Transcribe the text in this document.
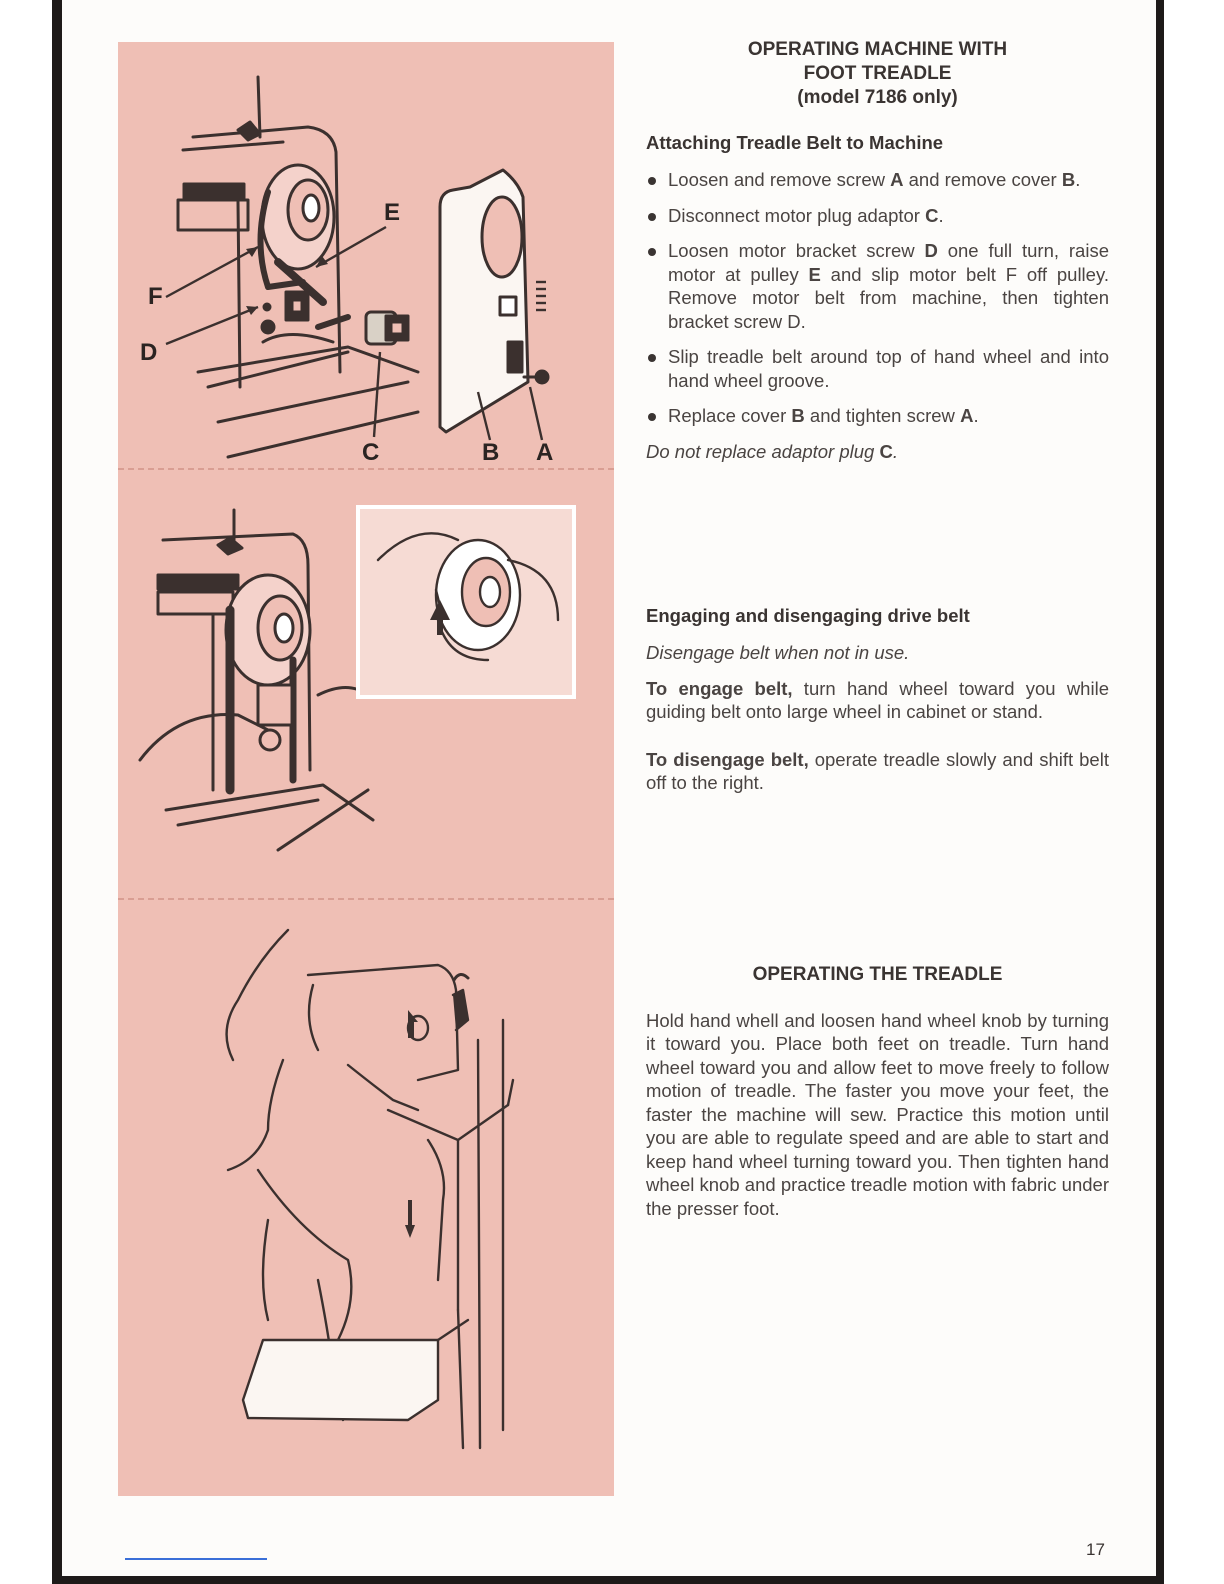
F
D
E
C	B A
OPERATING MACHINE WITH
FOOT TREADLE
(model 7186 only)

Attaching Treadle Belt to Machine

Loosen and remove screw A and remove cover B.
Disconnect motor plug adaptor C.
Loosen motor bracket screw D one full turn, raise motor at pulley E and slip motor belt F off pulley. Remove motor belt from machine, then tighten bracket screw D.
Slip treadle belt around top of hand wheel and into hand wheel groove.
Replace cover B and tighten screw A.

Do not replace adaptor plug C.

Engaging and disengaging drive belt

Disengage belt when not in use.

To engage belt, turn hand wheel toward you while guiding belt onto large wheel in cabinet or stand.

To disengage belt, operate treadle slowly and shift belt off to the right.

OPERATING THE TREADLE

Hold hand whell and loosen hand wheel knob by turning it toward you. Place both feet on treadle. Turn hand wheel toward you and allow feet to move freely to follow motion of treadle. The faster you move your feet, the faster the machine will sew. Practice this motion until you are able to regulate speed and are able to start and keep hand wheel turning toward you. Then tighten hand wheel knob and practice treadle motion with fabric under the presser foot.

17
